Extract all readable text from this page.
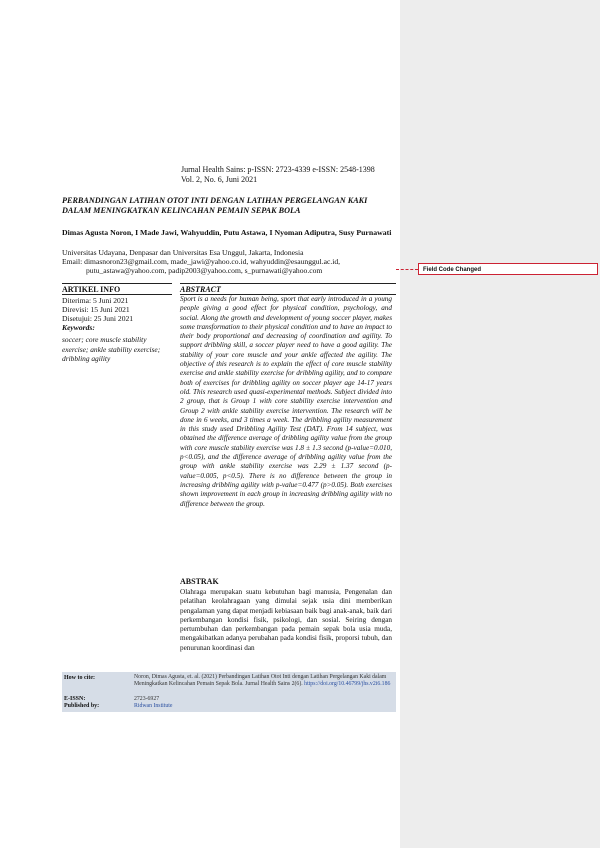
Jurnal Health Sains: p-ISSN: 2723-4339 e-ISSN: 2548-1398
Vol. 2, No. 6, Juni 2021
PERBANDINGAN LATIHAN OTOT INTI DENGAN LATIHAN PERGELANGAN KAKI DALAM MENINGKATKAN KELINCAHAN PEMAIN SEPAK BOLA
Dimas Agusta Noron, I Made Jawi, Wahyuddin, Putu Astawa, I Nyoman Adiputra, Susy Purnawati
Universitas Udayana, Denpasar dan Universitas Esa Unggul, Jakarta, Indonesia
Email: dimasnoron23@gmail.com, made_jawi@yahoo.co.id, wahyuddin@esaunggul.ac.id,
putu_astawa@yahoo.com, padip2003@yahoo.com, s_purnawati@yahoo.com
ARTIKEL INFO
Diterima: 5 Juni 2021
Direvisi: 15 Juni 2021
Disetujui: 25 Juni 2021
Keywords:
soccer; core muscle stability exercise; ankle stability exercise; dribbling agility
ABSTRACT
Sport is a needs for human being, sport that early introduced in a young people giving a good effect for physical condition, psychology, and social. Along the growth and development of young soccer player, makes some transformation to their physical condition and to have an impact to their body proportional and decreasing of coordination and agility. To support dribbling skill, a soccer player need to have a good agility. The stability of your core muscle and your ankle affected the agility. The objective of this research is to explain the effect of core muscle stability exercise and ankle stability exercise for dribbling agility, and to compare both of exercises for dribbling agility on soccer player age 14-17 years old. This research used quasi-experimental methods. Subject divided into 2 group, that is Group 1 with core stability exercise intervention and Group 2 with ankle stability exercise intervention. The research will be done in 6 weeks, and 3 times a week. The dribbling agility measurement in this study used Dribbling Agility Test (DAT). From 14 subject, was obtained the difference average of dribbling agility value from the group with core muscle stability exercise was 1.8 ± 1.3 second (p-value=0.010, p<0.05), and the difference average of dribbling agility value from the group with ankle stability exercise was 2.29 ± 1.37 second (p-value=0.005, p<0.5). There is no difference between the group in increasing dribbling agility with p-value=0.477 (p>0.05). Both exercises shown improvement in each group in increasing dribbling agility with no difference between the group.
ABSTRAK
Olahraga merupakan suatu kebutuhan bagi manusia, Pengenalan dan pelatihan keolahragaan yang dimulai sejak usia dini memberikan pengalaman yang dapat menjadi kebiasaan baik bagi anak-anak, baik dari perkembangan kondisi fisik, psikologi, dan sosial. Seiring dengan pertumbuhan dan perkembangan pada pemain sepak bola usia muda, mengakibatkan adanya perubahan pada kondisi fisik, proporsi tubuh, dan penurunan koordinasi dan
How to cite:	Noron, Dimas Agusta, et. al. (2021) Perbandingan Latihan Otot Inti dengan Latihan Pergelangan Kaki dalam Meningkatkan Kelincahan Pemain Sepak Bola. Jurnal Health Sains 2(6). https://doi.org/10.46799/jhs.v2i6.186
E-ISSN:	2723-6927
Published by:	Ridwan Institute
Field Code Changed
